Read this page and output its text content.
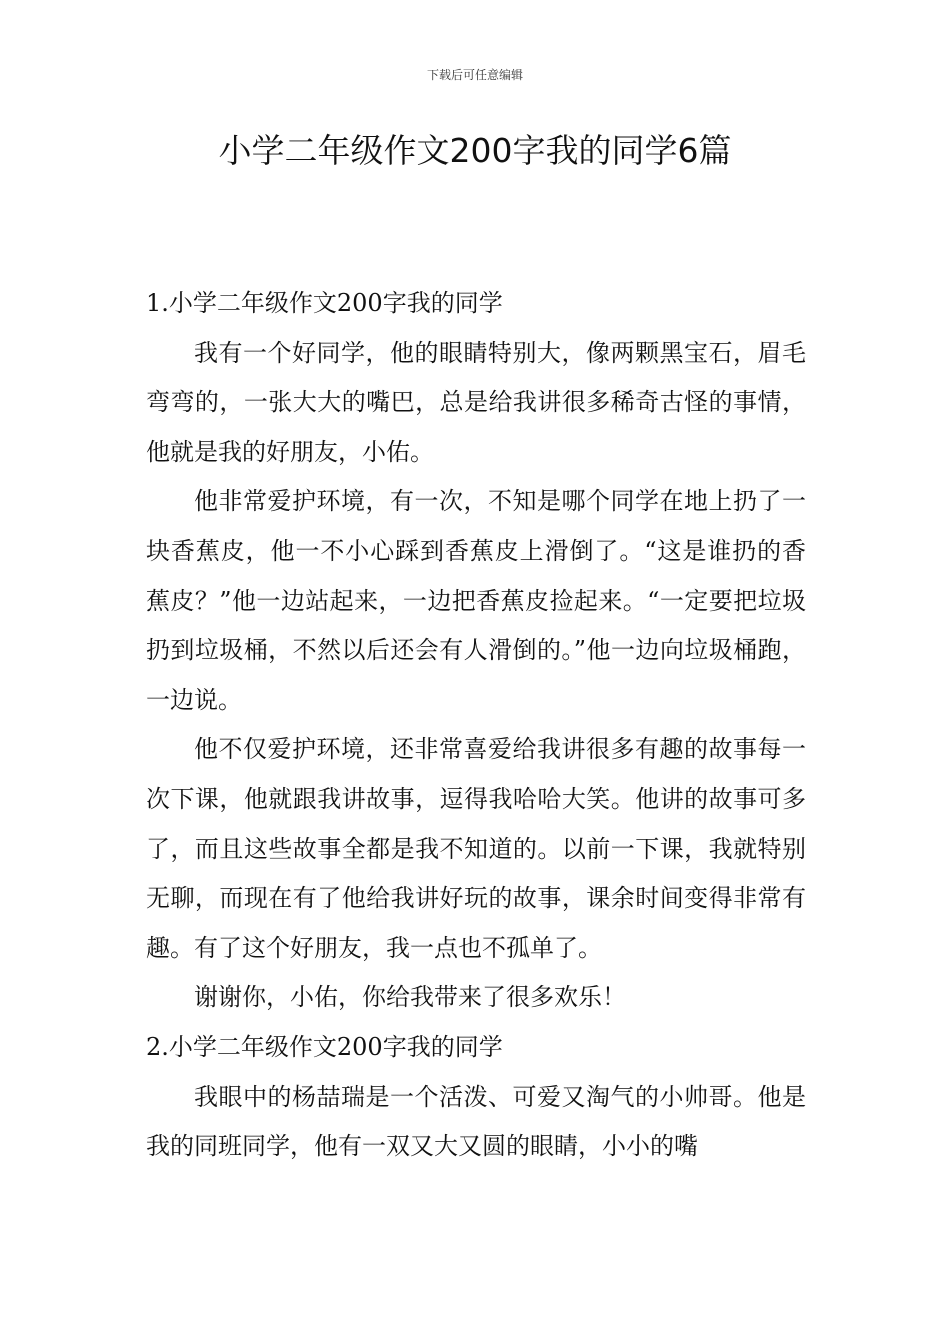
下载后可任意编辑
小学二年级作文200字我的同学6篇

1.小学二年级作文200字我的同学

我有一个好同学，他的眼睛特别大，像两颗黑宝石，眉毛弯弯的，一张大大的嘴巴，总是给我讲很多稀奇古怪的事情，他就是我的好朋友，小佑。

他非常爱护环境，有一次，不知是哪个同学在地上扔了一块香蕉皮，他一不小心踩到香蕉皮上滑倒了。“这是谁扔的香蕉皮？”他一边站起来，一边把香蕉皮捡起来。“一定要把垃圾扔到垃圾桶，不然以后还会有人滑倒的。”他一边向垃圾桶跑，一边说。

他不仅爱护环境，还非常喜爱给我讲很多有趣的故事每一次下课，他就跟我讲故事，逗得我哈哈大笑。他讲的故事可多了，而且这些故事全都是我不知道的。以前一下课，我就特别无聊，而现在有了他给我讲好玩的故事，课余时间变得非常有趣。有了这个好朋友，我一点也不孤单了。

谢谢你，小佑，你给我带来了很多欢乐！

2.小学二年级作文200字我的同学

我眼中的杨喆瑞是一个活泼、可爱又淘气的小帅哥。他是我的同班同学，他有一双又大又圆的眼睛，小小的嘴
